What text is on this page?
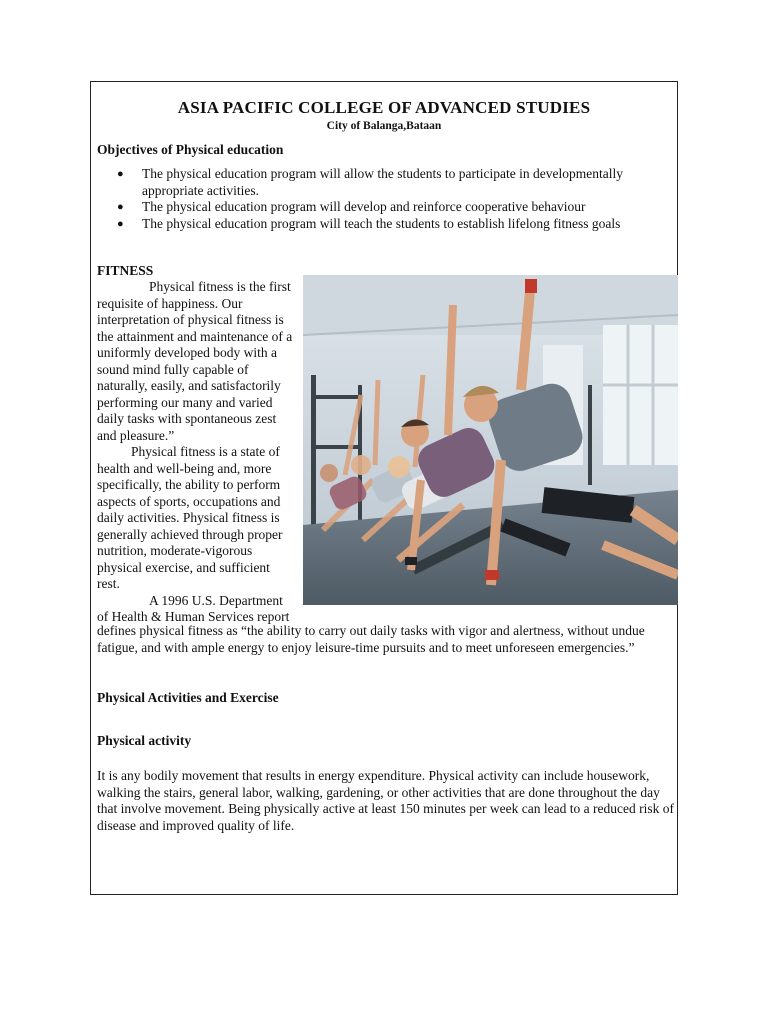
ASIA PACIFIC COLLEGE OF ADVANCED STUDIES
City of Balanga,Bataan
Objectives of Physical education
● The physical education program will allow the students to participate in developmentally appropriate activities.
● The physical education program will develop and reinforce cooperative behaviour
● The physical education program will teach the students to establish lifelong fitness goals
FITNESS

Physical fitness is the first requisite of happiness. Our interpretation of physical fitness is the attainment and maintenance of a uniformly developed body with a sound mind fully capable of naturally, easily, and satisfactorily performing our many and varied daily tasks with spontaneous zest and pleasure.”

Physical fitness is a state of health and well-being and, more specifically, the ability to perform aspects of sports, occupations and daily activities. Physical fitness is generally achieved through proper nutrition, moderate-vigorous physical exercise, and sufficient rest.

A 1996 U.S. Department of Health & Human Services report

defines physical fitness as “the ability to carry out daily tasks with vigor and alertness, without undue fatigue, and with ample energy to enjoy leisure-time pursuits and to meet unforeseen emergencies.”
Physical Activities and Exercise
Physical activity
It is any bodily movement that results in energy expenditure. Physical activity can include housework, walking the stairs, general labor, walking, gardening, or other activities that are done throughout the day that involve movement. Being physically active at least 150 minutes per week can lead to a reduced risk of disease and improved quality of life.
